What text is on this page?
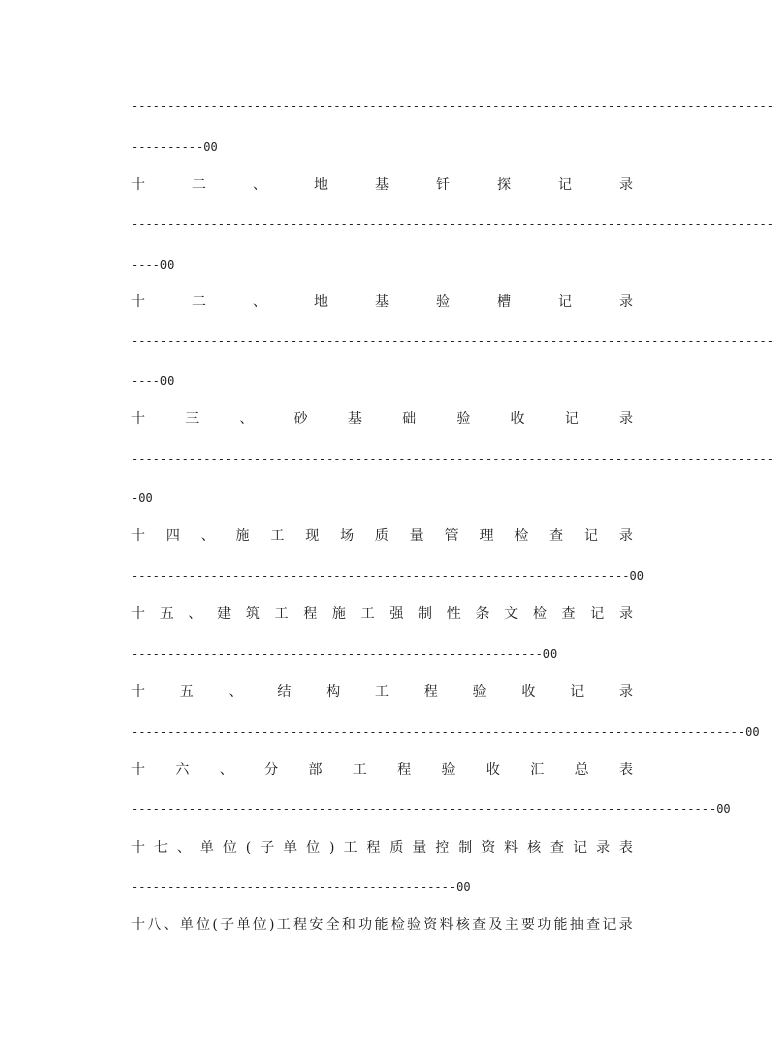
-----------------------------------------------------------------------------------------
----------00
十	二	、	地	基	钎	探	记	录
-----------------------------------------------------------------------------------------
----00
十	二	、	地	基	验	槽	记	录
-----------------------------------------------------------------------------------------
----00
十	三	、	砂	基	础	验	收	记	录
-----------------------------------------------------------------------------------------
-00
十 四 、 施 工 现 场 质 量 管 理 检 查 记 录
---------------------------------------------------------------------00
十 五 、 建 筑 工 程 施 工 强 制 性 条 文 检 查 记 录
---------------------------------------------------------00
十 五 、 结 构 工 程 验 收 记 录
-------------------------------------------------------------------------------------00
十 六 、 分 部 工 程 验 收 汇 总 表
---------------------------------------------------------------------------------00
十 七 、 单 位 ( 子 单 位 ) 工 程 质 量 控 制 资 料 核 查 记 录 表
---------------------------------------------00
十 八 、 单 位 ( 子 单 位 ) 工 程 安 全 和 功 能 检 验 资 料 核 查 及 主 要 功 能 抽 查 记 录
